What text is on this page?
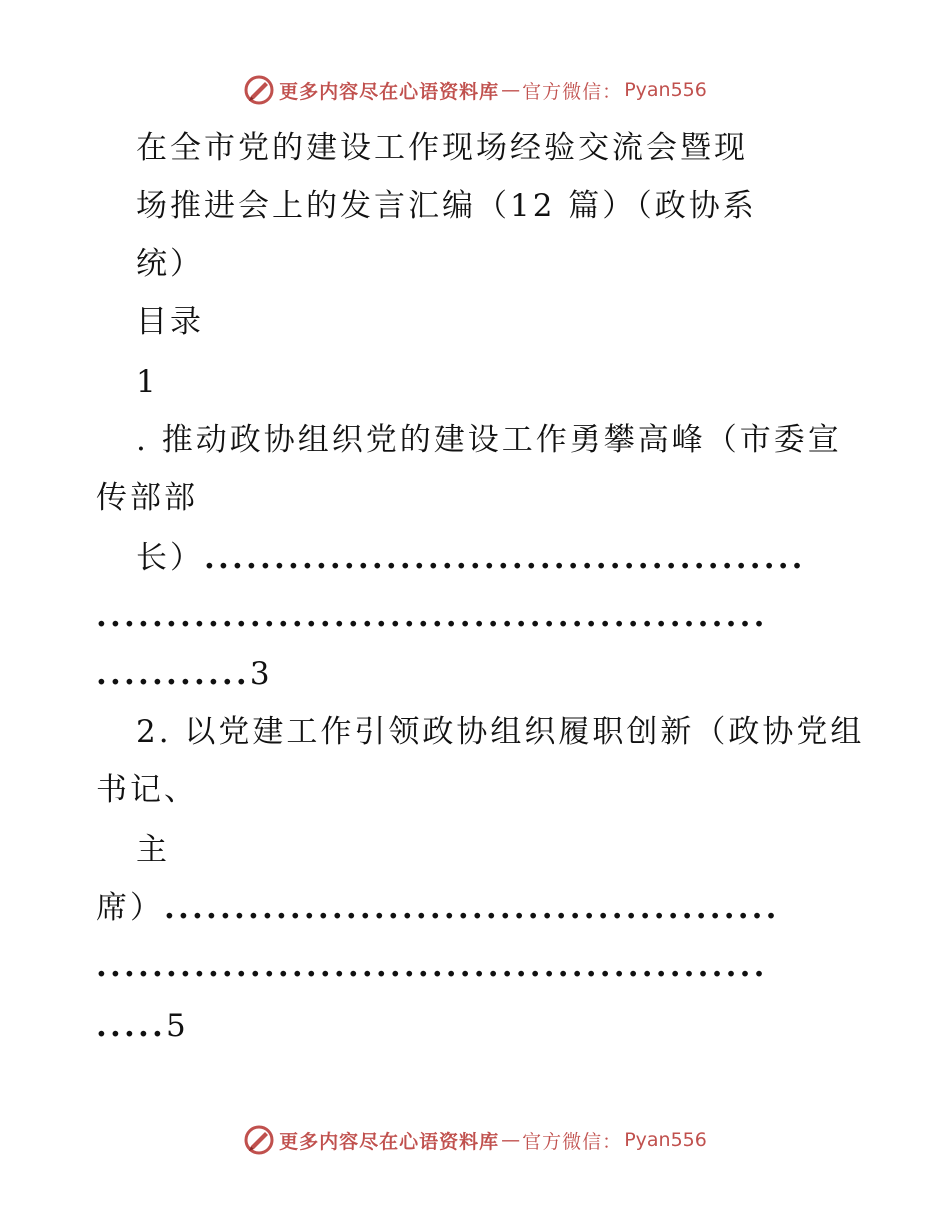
更多内容尽在心语资料库 — 官方微信： Pyan556
在全市党的建设工作现场经验交流会暨现
场推进会上的发言汇编（12 篇）（政协系
统）
目录
1
. 推动政协组织党的建设工作勇攀高峰（市委宣
传部部
长）...........................................
................................................
...........3
2. 以党建工作引领政协组织履职创新（政协党组
书记、
主
席）............................................
................................................
.....5
更多内容尽在心语资料库 — 官方微信： Pyan556
